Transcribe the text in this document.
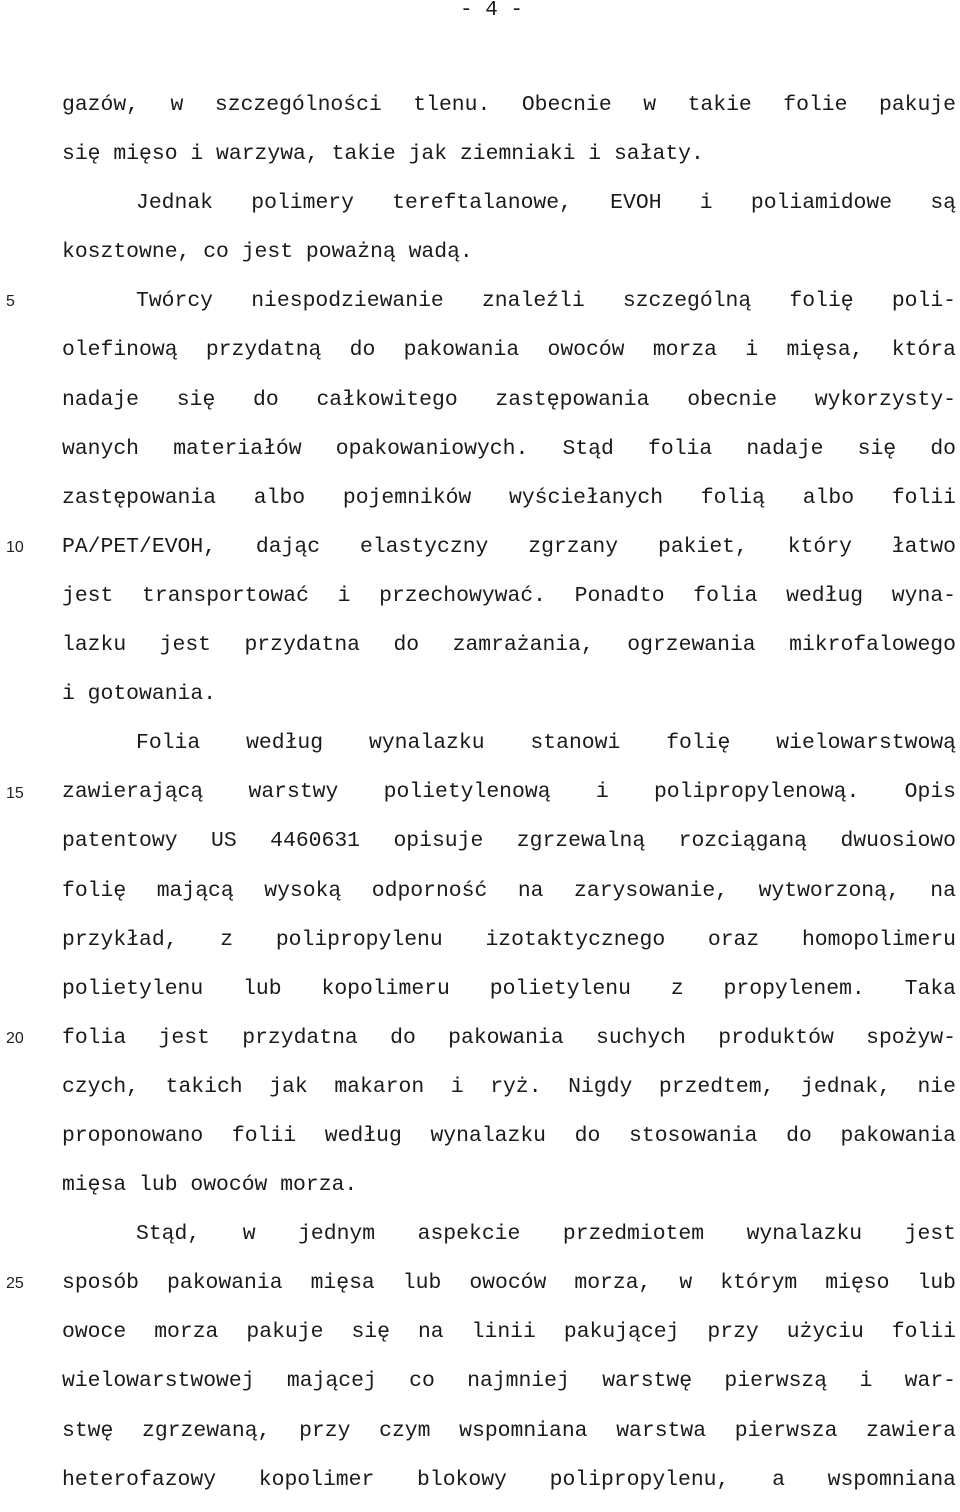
- 4 -
5
10
15
20
25
gazów, w szczególności tlenu. Obecnie w takie folie pakuje
się mięso i warzywa, takie jak ziemniaki i sałaty.
Jednak polimery tereftalanowe, EVOH i poliamidowe są
kosztowne, co jest poważną wadą.
Twórcy niespodziewanie znaleźli szczególną folię poli-
olefinową przydatną do pakowania owoców morza i mięsa, która
nadaje się do całkowitego zastępowania obecnie wykorzysty-
wanych materiałów opakowaniowych. Stąd folia nadaje się do
zastępowania albo pojemników wyściełanych folią albo folii
PA/PET/EVOH, dając elastyczny zgrzany pakiet, który łatwo
jest transportować i przechowywać. Ponadto folia według wyna-
lazku jest przydatna do zamrażania, ogrzewania mikrofalowego
i gotowania.
Folia według wynalazku stanowi folię wielowarstwową
zawierającą warstwy polietylenową i polipropylenową. Opis
patentowy US 4460631 opisuje zgrzewalną rozciąganą dwuosiowo
folię mającą wysoką odporność na zarysowanie, wytworzoną, na
przykład, z polipropylenu izotaktycznego oraz homopolimeru
polietylenu lub kopolimeru polietylenu z propylenem. Taka
folia jest przydatna do pakowania suchych produktów spożyw-
czych, takich jak makaron i ryż. Nigdy przedtem, jednak, nie
proponowano folii według wynalazku do stosowania do pakowania
mięsa lub owoców morza.
Stąd, w jednym aspekcie przedmiotem wynalazku jest
sposób pakowania mięsa lub owoców morza, w którym mięso lub
owoce morza pakuje się na linii pakującej przy użyciu folii
wielowarstwowej mającej co najmniej warstwę pierwszą i war-
stwę zgrzewaną, przy czym wspomniana warstwa pierwsza zawiera
heterofazowy kopolimer blokowy polipropylenu, a wspomniana
